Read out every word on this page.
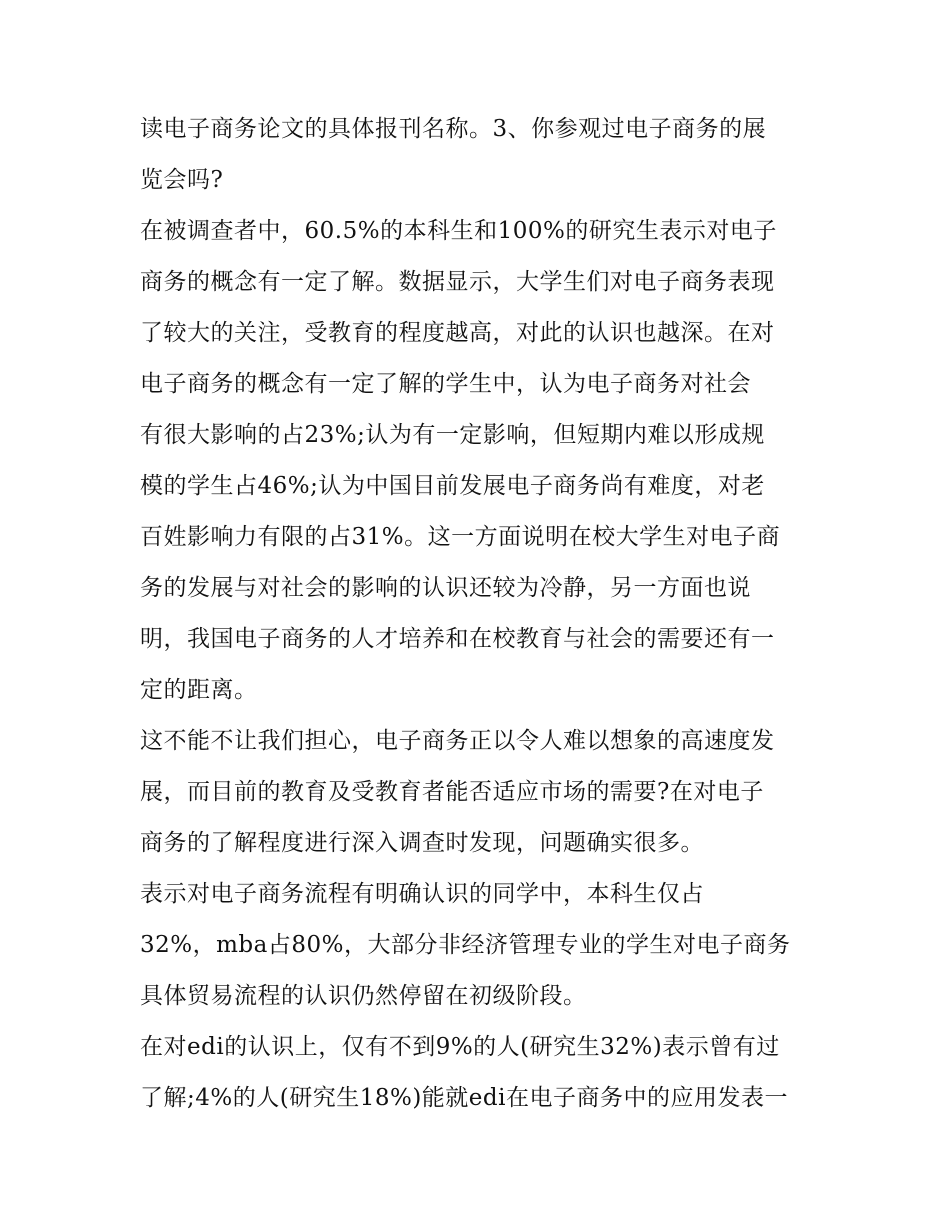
读电子商务论文的具体报刊名称。3、你参观过电子商务的展
览会吗?
在被调查者中，60.5%的本科生和100%的研究生表示对电子
商务的概念有一定了解。数据显示，大学生们对电子商务表现
了较大的关注，受教育的程度越高，对此的认识也越深。在对
电子商务的概念有一定了解的学生中，认为电子商务对社会
有很大影响的占23%;认为有一定影响，但短期内难以形成规
模的学生占46%;认为中国目前发展电子商务尚有难度，对老
百姓影响力有限的占31%。这一方面说明在校大学生对电子商
务的发展与对社会的影响的认识还较为冷静，另一方面也说
明，我国电子商务的人才培养和在校教育与社会的需要还有一
定的距离。
这不能不让我们担心，电子商务正以令人难以想象的高速度发
展，而目前的教育及受教育者能否适应市场的需要?在对电子
商务的了解程度进行深入调查时发现，问题确实很多。
表示对电子商务流程有明确认识的同学中，本科生仅占
32%，mba占80%，大部分非经济管理专业的学生对电子商务
具体贸易流程的认识仍然停留在初级阶段。
在对edi的认识上，仅有不到9%的人(研究生32%)表示曾有过
了解;4%的人(研究生18%)能就edi在电子商务中的应用发表一
